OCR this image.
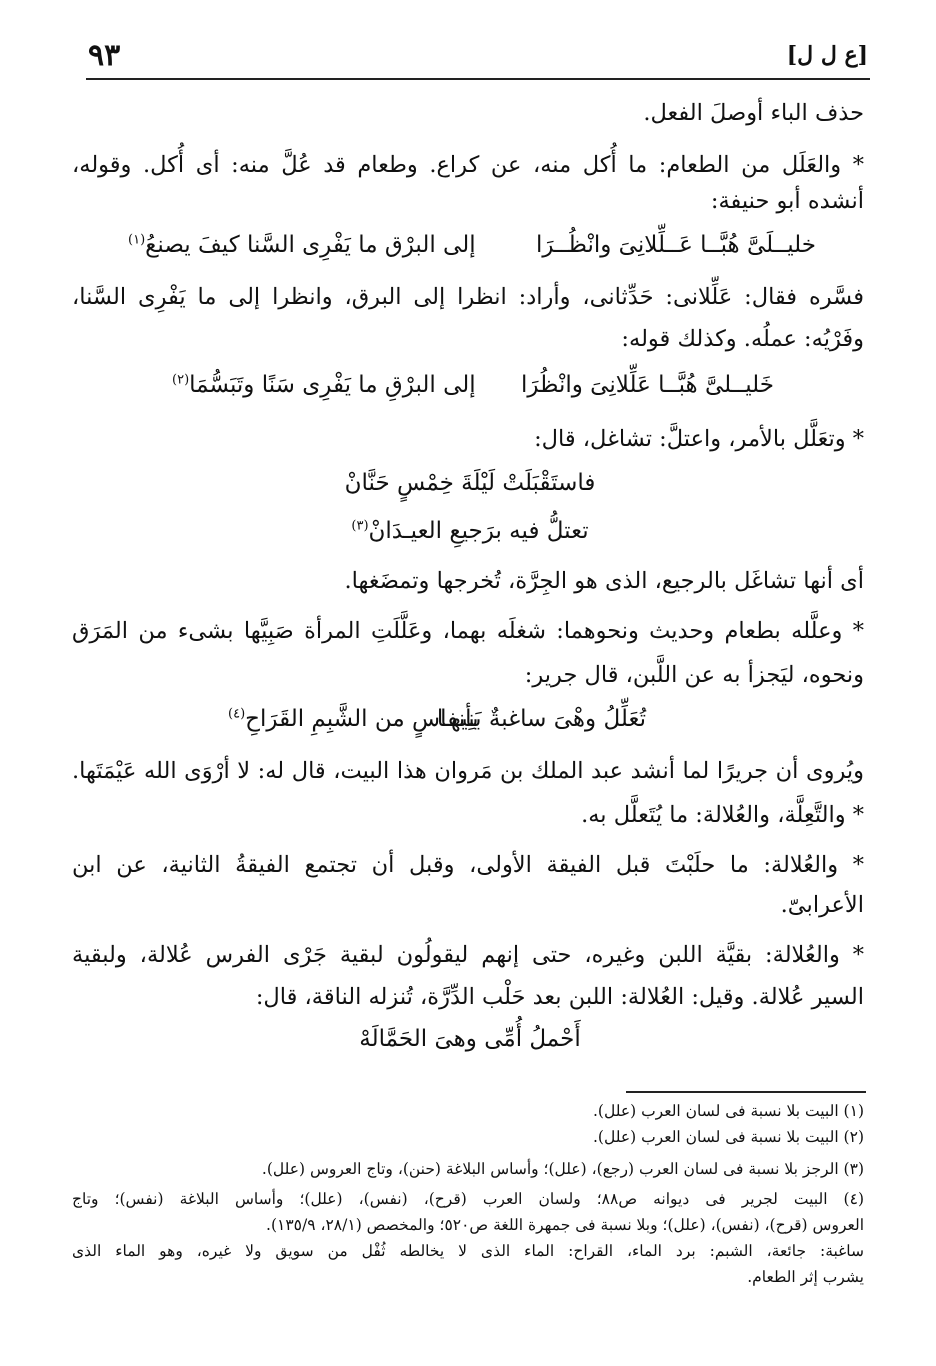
٩٣	[ع ل ل]
حذف الباء أوصلَ الفعل.
* والعَلَل من الطعام: ما أُكل منه، عن كراع. وطعام قد عُلَّ منه: أى أُكل. وقوله،
أنشده أبو حنيفة:
خليــلَىَّ هُبَّــا عَــلِّلانِىَ وانْظُــرَا
إلى البرْق ما يَفْرِى السَّنا كيفَ يصنعُ$^{(١)}$
فسَّره فقال: عَلِّلانى: حَدِّثانى، وأراد: انظرا إلى البرق، وانظرا إلى ما يَفْرِى السَّنا،
وفَرْيُه: عملُه. وكذلك قوله:
خَليــلىَّ هُبَّــا عَلِّلانِىَ وانْظُرَا
إلى البرْقِ ما يَفْرِى سَنًا وتَبَسُّمَا$^{(٢)}$
* وتعَلَّل بالأمر، واعتلَّ: تشاغل، قال:
فاستَقْبَلَتْ لَيْلَةَ خِمْسٍ حَنَّانْ
تعتلُّ فيه برَجيعِ العيـدَانْ$^{(٣)}$
أى أنها تشاغَل بالرجيع، الذى هو الجِرَّة، تُخرجها وتمضَغها.
* وعلَّله بطعام وحديث ونحوهما: شغلَه بهما، وعَلَّلَتِ المرأة صَبِيَّها بشىء من المَرَق
ونحوه، ليَجزأ به عن اللَّبن، قال جرير:
تُعَلِّلُ وهْىَ ساغبةٌ بَنِيهـا
بأنفاسٍ من الشَّبِمِ القَرَاحِ$^{(٤)}$
ويُروى أن جريرًا لما أنشد عبد الملك بن مَروان هذا البيت، قال له: لا أرْوَى الله عَيْمَتَها.
* والتَّعِلَّة، والعُلالة: ما يُتَعلَّل به.
* والعُلالة: ما حلَبْتَ قبل الفيقة الأولى، وقبل أن تجتمع الفيقةُ الثانية، عن ابن
الأعرابىّ.
* والعُلالة: بقيَّة اللبن وغيره، حتى إنهم ليقولُون لبقية جَرْى الفرس عُلالة، ولبقية
السير عُلالة. وقيل: العُلالة: اللبن بعد حَلْب الدِّرَّة، تُنزله الناقة، قال:
أَحْملُ أُمِّى وهىَ الحَمَّالَهْ
(١) البيت بلا نسبة فى لسان العرب (علل).
(٢) البيت بلا نسبة فى لسان العرب (علل).
(٣) الرجز بلا نسبة فى لسان العرب (رجع)، (علل)؛ وأساس البلاغة (حنن)، وتاج العروس (علل).
(٤) البيت لجرير فى ديوانه ص٨٨؛ ولسان العرب (قرح)، (نفس)، (علل)؛ وأساس البلاغة (نفس)؛ وتاج
العروس (قرح)، (نفس)، (علل)؛ وبلا نسبة فى جمهرة اللغة ص٥٢٠؛ والمخصص (٢٨/١، ١٣٥/٩).
ساغبة: جائعة، الشبم: برد الماء، القراح: الماء الذى لا يخالطه ثُفْل من سويق ولا غيره، وهو الماء الذى
يشرب إثر الطعام.
